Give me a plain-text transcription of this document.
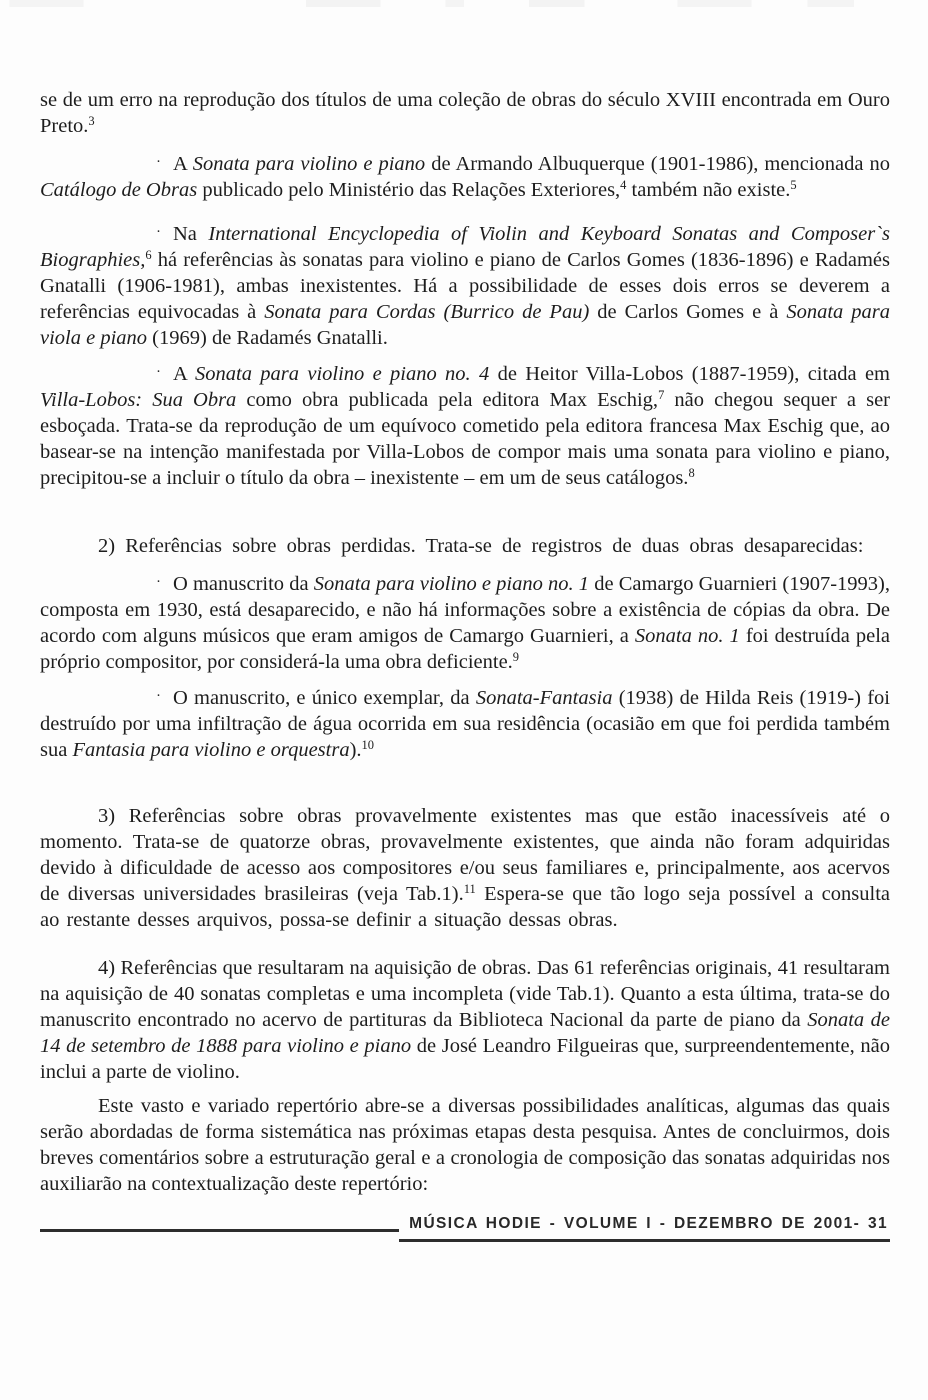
se de um erro na reprodução dos títulos de uma coleção de obras do século XVIII encontrada em Ouro Preto.$^3$

· A Sonata para violino e piano de Armando Albuquerque (1901-1986), mencionada no Catálogo de Obras publicado pelo Ministério das Relações Exteriores,$^4$ também não existe.$^5$

· Na International Encyclopedia of Violin and Keyboard Sonatas and Composer`s Biographies,$^6$ há referências às sonatas para violino e piano de Carlos Gomes (1836-1896) e Radamés Gnatalli (1906-1981), ambas inexistentes. Há a possibilidade de esses dois erros se deverem a referências equivocadas à Sonata para Cordas (Burrico de Pau) de Carlos Gomes e à Sonata para viola e piano (1969) de Radamés Gnatalli.

· A Sonata para violino e piano no. 4 de Heitor Villa-Lobos (1887-1959), citada em Villa-Lobos: Sua Obra como obra publicada pela editora Max Eschig,$^7$ não chegou sequer a ser esboçada. Trata-se da reprodução de um equívoco cometido pela editora francesa Max Eschig que, ao basear-se na intenção manifestada por Villa-Lobos de compor mais uma sonata para violino e piano, precipitou-se a incluir o título da obra – inexistente – em um de seus catálogos.$^8$

2) Referências sobre obras perdidas. Trata-se de registros de duas obras desaparecidas:

· O manuscrito da Sonata para violino e piano no. 1 de Camargo Guarnieri (1907-1993), composta em 1930, está desaparecido, e não há informações sobre a existência de cópias da obra. De acordo com alguns músicos que eram amigos de Camargo Guarnieri, a Sonata no. 1 foi destruída pela próprio compositor, por considerá-la uma obra deficiente.$^9$

· O manuscrito, e único exemplar, da Sonata-Fantasia (1938) de Hilda Reis (1919-) foi destruído por uma infiltração de água ocorrida em sua residência (ocasião em que foi perdida também sua Fantasia para violino e orquestra).$^{10}$

3) Referências sobre obras provavelmente existentes mas que estão inacessíveis até o momento. Trata-se de quatorze obras, provavelmente existentes, que ainda não foram adquiridas devido à dificuldade de acesso aos compositores e/ou seus familiares e, principalmente, aos acervos de diversas universidades brasileiras (veja Tab.1).$^{11}$ Espera-se que tão logo seja possível a consulta ao restante desses arquivos, possa-se definir a situação dessas obras.

4) Referências que resultaram na aquisição de obras. Das 61 referências originais, 41 resultaram na aquisição de 40 sonatas completas e uma incompleta (vide Tab.1). Quanto a esta última, trata-se do manuscrito encontrado no acervo de partituras da Biblioteca Nacional da parte de piano da Sonata de 14 de setembro de 1888 para violino e piano de José Leandro Filgueiras que, surpreendentemente, não inclui a parte de violino.

Este vasto e variado repertório abre-se a diversas possibilidades analíticas, algumas das quais serão abordadas de forma sistemática nas próximas etapas desta pesquisa. Antes de concluirmos, dois breves comentários sobre a estruturação geral e a cronologia de composição das sonatas adquiridas nos auxiliarão na contextualização deste repertório:

MÚSICA HODIE - VOLUME I - DEZEMBRO DE 2001- 31
